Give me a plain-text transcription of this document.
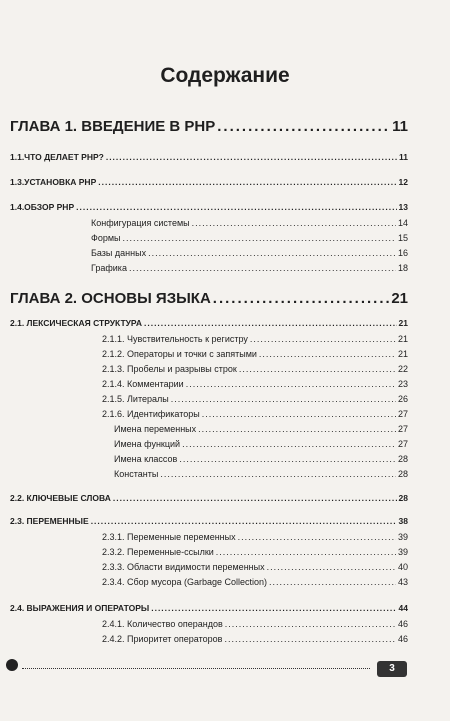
Содержание
ГЛАВА 1. ВВЕДЕНИЕ В PHP .....	11
1.1.ЧТО ДЕЛАЕТ PHP? .....	11
1.3.УСТАНОВКА PHP .....	12
1.4.ОБЗОР PHP .....	13
Конфигурация системы .....	14
Формы .....	15
Базы данных .....	16
Графика .....	18
ГЛАВА 2. ОСНОВЫ ЯЗЫКА .....	21
2.1. ЛЕКСИЧЕСКАЯ СТРУКТУРА .....	21
2.1.1. Чувствительность к регистру .....	21
2.1.2. Операторы и точки с запятыми .....	21
2.1.3. Пробелы и разрывы строк .....	22
2.1.4. Комментарии .....	23
2.1.5. Литералы .....	26
2.1.6. Идентификаторы .....	27
Имена переменных .....	27
Имена функций .....	27
Имена классов .....	28
Константы .....	28
2.2. КЛЮЧЕВЫЕ СЛОВА .....	28
2.3. ПЕРЕМЕННЫЕ .....	38
2.3.1. Переменные переменных .....	39
2.3.2. Переменные-ссылки .....	39
2.3.3. Области видимости переменных .....	40
2.3.4. Сбор мусора (Garbage Collection) .....	43
2.4. ВЫРАЖЕНИЯ И ОПЕРАТОРЫ .....	44
2.4.1. Количество операндов .....	46
2.4.2. Приоритет операторов .....	46
3
